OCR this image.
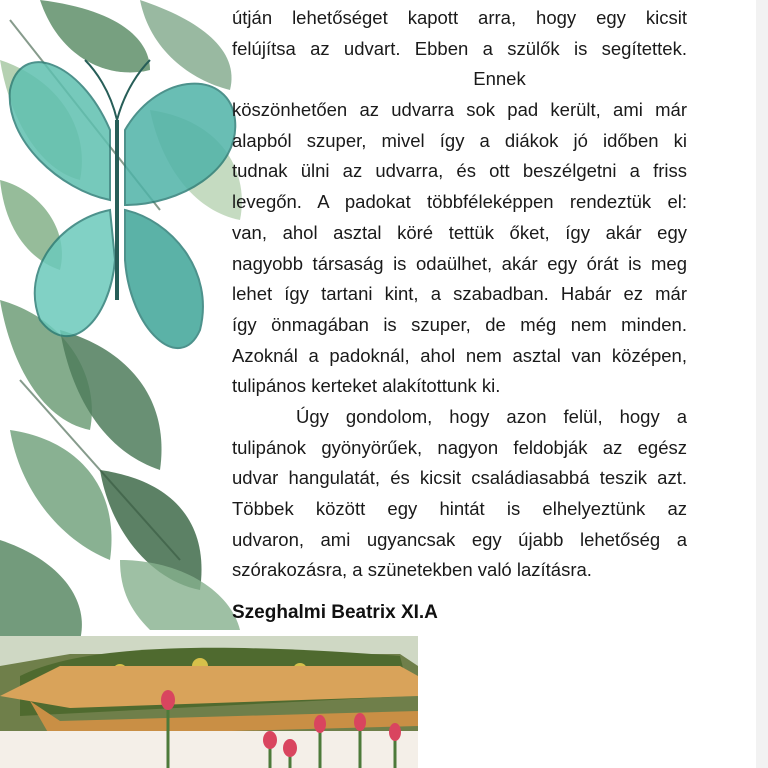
útján lehetőséget kapott arra, hogy egy kicsit
felújítsa az udvart. Ebben a szülők is segítettek.
Ennek
köszönhetően az udvarra sok pad került, ami már
alapból szuper, mivel így a diákok jó időben ki
tudnak ülni az udvarra, és ott beszélgetni a friss
levegőn. A padokat többféleképpen rendeztük el:
van, ahol asztal köré tettük őket, így akár egy
nagyobb társaság is odaülhet, akár egy órát is meg
lehet így tartani kint, a szabadban. Habár ez már
így önmagában is szuper, de még nem minden.
Azoknál a padoknál, ahol nem asztal van középen,
tulipános kerteket alakítottunk ki.
Úgy gondolom, hogy azon felül, hogy a
tulipánok gyönyörűek, nagyon feldobják az egész
udvar hangulatát, és kicsit családiasabbá teszik azt.
Többek között egy hintát is elhelyeztünk az
udvaron, ami ugyancsak egy újabb lehetőség a
szórakozásra, a szünetekben való lazításra.
Szeghalmi Beatrix XI.A
